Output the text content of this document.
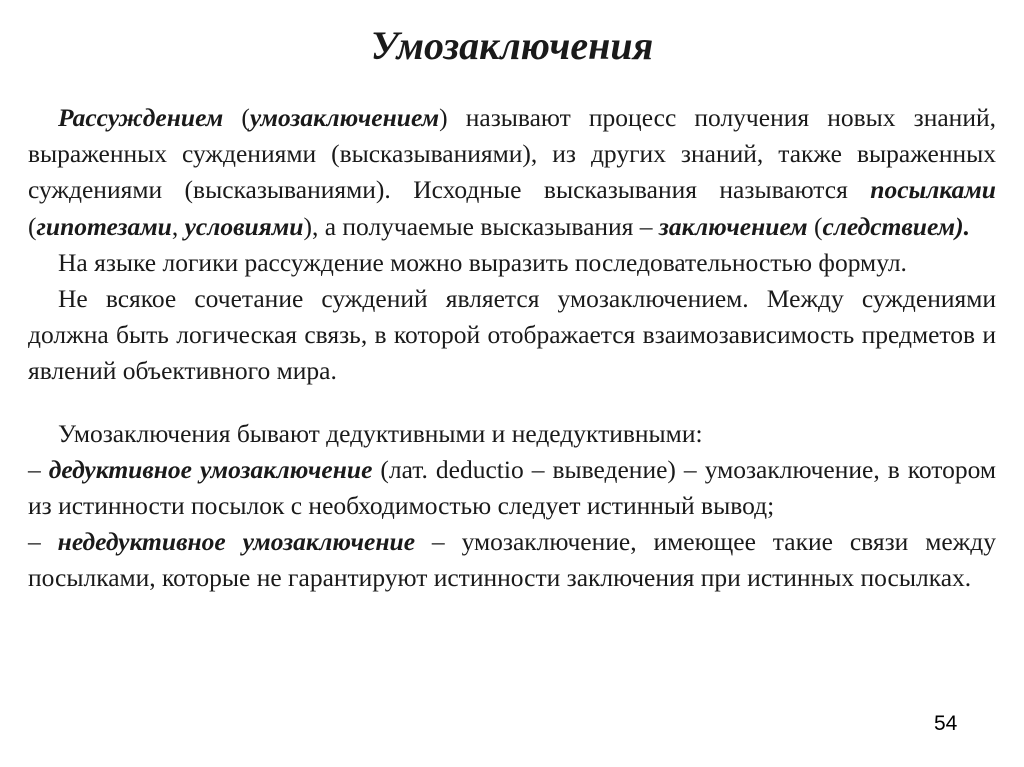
Умозаключения

Рассуждением (умозаключением) называют процесс получения новых знаний, выраженных суждениями (высказываниями), из других знаний, также выраженных суждениями (высказываниями). Исходные высказывания называются посылками (гипотезами, условиями), а получаемые высказывания – заключением (следствием).

На языке логики рассуждение можно выразить последовательностью формул.

Не всякое сочетание суждений является умозаключением. Между суждениями должна быть логическая связь, в которой отображается взаимозависимость предметов и явлений объективного мира.

Умозаключения бывают дедуктивными и недедуктивными:

– дедуктивное умозаключение (лат. deductio – выведение) – умозаключение, в котором из истинности посылок с необходимостью следует истинный вывод;

– недедуктивное умозаключение – умозаключение, имеющее такие связи между посылками, которые не гарантируют истинности заключения при истинных посылках.

54
